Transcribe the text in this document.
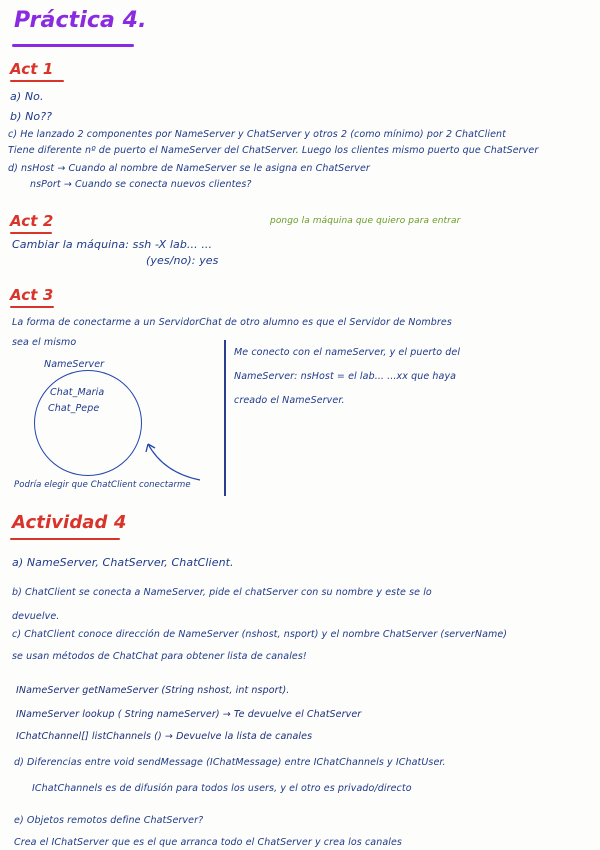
Práctica 4.
Act 1
a) No.
b) No??
c) He lanzado 2 componentes por NameServer y ChatServer y otros 2 (como mínimo) por 2 ChatClient
Tiene diferente nº de puerto el NameServer del ChatServer. Luego los clientes mismo puerto que ChatServer
d) nsHost → Cuando al nombre de NameServer se le asigna en ChatServer
nsPort → Cuando se conecta nuevos clientes?
Act 2	pongo la máquina que quiero para entrar
Cambiar la máquina: ssh -X lab... ...
(yes/no): yes
Act 3
La forma de conectarme a un ServidorChat de otro alumno es que el Servidor de Nombres
sea el mismo
NameServer
Chat_Maria
Chat_Pepe
Podría elegir que ChatClient conectarme
Me conecto con el nameServer, y el puerto del
NameServer: nsHost = el lab... ...xx que haya
creado el NameServer.
Actividad 4
a) NameServer, ChatServer, ChatClient.
b) ChatClient se conecta a NameServer, pide el chatServer con su nombre y este se lo
devuelve.
c) ChatClient conoce dirección de NameServer (nshost, nsport) y el nombre ChatServer (serverName)
se usan métodos de ChatChat para obtener lista de canales!
INameServer getNameServer (String nshost, int nsport).
INameServer lookup ( String nameServer) → Te devuelve el ChatServer
IChatChannel[] listChannels () → Devuelve la lista de canales
d) Diferencias entre void sendMessage (IChatMessage) entre IChatChannels y IChatUser.
IChatChannels es de difusión para todos los users, y el otro es privado/directo
e) Objetos remotos define ChatServer?
Crea el IChatServer que es el que arranca todo el ChatServer y crea los canales
